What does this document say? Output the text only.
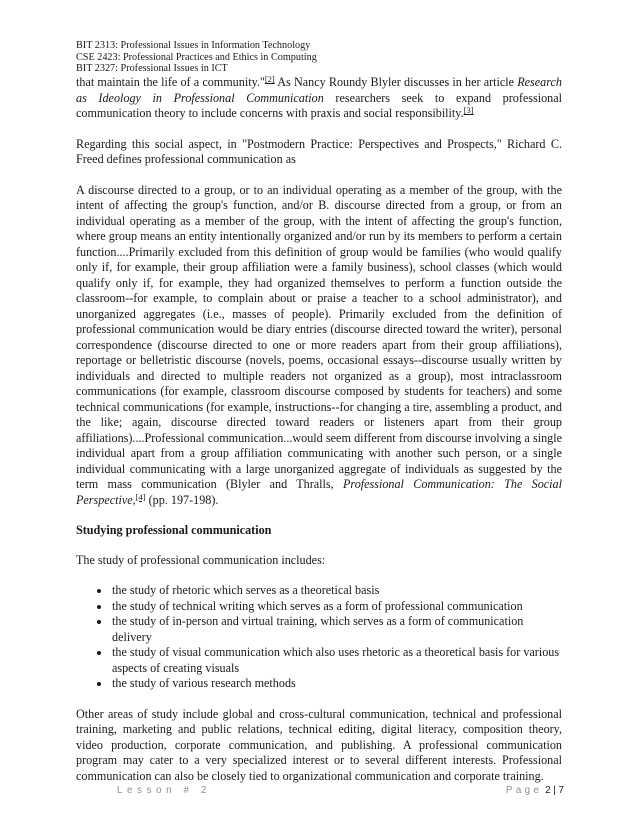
BIT 2313: Professional Issues in Information Technology
CSE 2423: Professional Practices and Ethics in Computing
BIT 2327: Professional Issues in ICT

that maintain the life of a community."[2] As Nancy Roundy Blyler discusses in her article Research as Ideology in Professional Communication researchers seek to expand professional communication theory to include concerns with praxis and social responsibility.[3]

Regarding this social aspect, in "Postmodern Practice: Perspectives and Prospects," Richard C. Freed defines professional communication as

A discourse directed to a group, or to an individual operating as a member of the group, with the intent of affecting the group's function, and/or B. discourse directed from a group, or from an individual operating as a member of the group, with the intent of affecting the group's function, where group means an entity intentionally organized and/or run by its members to perform a certain function....Primarily excluded from this definition of group would be families (who would qualify only if, for example, their group affiliation were a family business), school classes (which would qualify only if, for example, they had organized themselves to perform a function outside the classroom--for example, to complain about or praise a teacher to a school administrator), and unorganized aggregates (i.e., masses of people). Primarily excluded from the definition of professional communication would be diary entries (discourse directed toward the writer), personal correspondence (discourse directed to one or more readers apart from their group affiliations), reportage or belletristic discourse (novels, poems, occasional essays--discourse usually written by individuals and directed to multiple readers not organized as a group), most intraclassroom communications (for example, classroom discourse composed by students for teachers) and some technical communications (for example, instructions--for changing a tire, assembling a product, and the like; again, discourse directed toward readers or listeners apart from their group affiliations)....Professional communication...would seem different from discourse involving a single individual apart from a group affiliation communicating with another such person, or a single individual communicating with a large unorganized aggregate of individuals as suggested by the term mass communication (Blyler and Thralls, Professional Communication: The Social Perspective,[4] (pp. 197-198).

Studying professional communication

The study of professional communication includes:

• the study of rhetoric which serves as a theoretical basis
• the study of technical writing which serves as a form of professional communication
• the study of in-person and virtual training, which serves as a form of communication delivery
• the study of visual communication which also uses rhetoric as a theoretical basis for various aspects of creating visuals
• the study of various research methods

Other areas of study include global and cross-cultural communication, technical and professional training, marketing and public relations, technical editing, digital literacy, composition theory, video production, corporate communication, and publishing. A professional communication program may cater to a very specialized interest or to several different interests. Professional communication can also be closely tied to organizational communication and corporate training.

Lesson # 2	Page 2 | 7
